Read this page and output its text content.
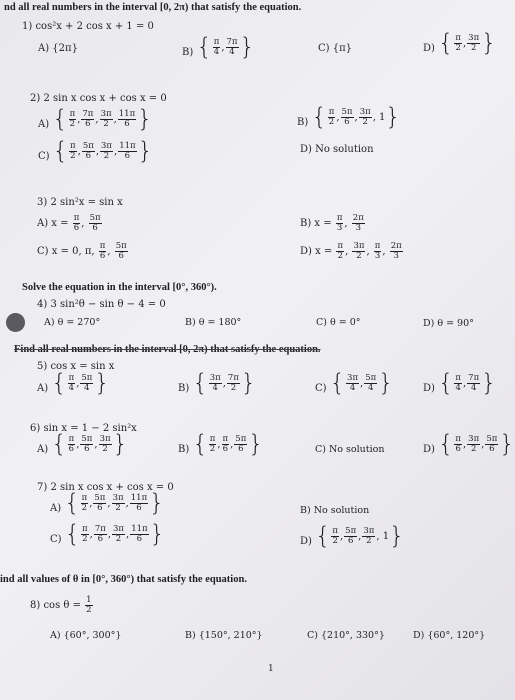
nd all real numbers in the interval [0, 2π) that satisfy the equation.
1) cos²x + 2 cos x + 1 = 0
A) {2π}	B) { $\frac{\pi}{4}$ , $\frac{7\pi}{4}$ }	C) {π}	D) { $\frac{\pi}{2}$ , $\frac{3\pi}{2}$ }
2) 2 sin x cos x + cos x = 0
A) { $\frac{\pi}{2}$ , $\frac{7\pi}{6}$ , $\frac{3\pi}{2}$ , $\frac{11\pi}{6}$ }	B) { $\frac{\pi}{2}$ , $\frac{5\pi}{6}$ , $\frac{3\pi}{2}$ , 1 }
C) { $\frac{\pi}{2}$ , $\frac{5\pi}{6}$ , $\frac{3\pi}{2}$ , $\frac{11\pi}{6}$ }	D) No solution
3) 2 sin²x = sin x
A) $x = \frac{\pi}{6}$ , $\frac{5\pi}{6}$	B) $x = \frac{\pi}{3}$ , $\frac{2\pi}{3}$
C) x = 0, π, $\frac{\pi}{6}$ , $\frac{5\pi}{6}$	D) $x = \frac{\pi}{2}$ , $\frac{3\pi}{2}$ , $\frac{\pi}{3}$ , $\frac{2\pi}{3}$
Solve the equation in the interval [0°, 360°).
4) 3 sin²θ − sin θ − 4 = 0
A) θ = 270°	B) θ = 180°	C) θ = 0°	D) θ = 90°
Find all real numbers in the interval [0, 2π) that satisfy the equation.
5) cos x = sin x
A) { $\frac{\pi}{4}$ , $\frac{5\pi}{4}$ }	B) { $\frac{3\pi}{4}$ , $\frac{7\pi}{2}$ }	C) { $\frac{3\pi}{4}$ , $\frac{5\pi}{4}$ }	D) { $\frac{\pi}{4}$ , $\frac{7\pi}{4}$ }
6) sin x = 1 − 2 sin²x
A) { $\frac{\pi}{6}$ , $\frac{5\pi}{6}$ , $\frac{3\pi}{2}$ }	B) { $\frac{\pi}{2}$ , $\frac{\pi}{6}$ , $\frac{5\pi}{6}$ }	C) No solution	D) { $\frac{\pi}{6}$ , $\frac{3\pi}{2}$ , $\frac{5\pi}{6}$ }
7) 2 sin x cos x + cos x = 0
A) { $\frac{\pi}{2}$ , $\frac{5\pi}{6}$ , $\frac{3\pi}{2}$ , $\frac{11\pi}{6}$ }	B) No solution
C) { $\frac{\pi}{2}$ , $\frac{7\pi}{6}$ , $\frac{3\pi}{2}$ , $\frac{11\pi}{6}$ }	D) { $\frac{\pi}{2}$ , $\frac{5\pi}{6}$ , $\frac{3\pi}{2}$ , 1 }
ind all values of θ in [0°, 360°) that satisfy the equation.
8) $\cos \theta = \frac{1}{2}$
A) {60°, 300°}	B) {150°, 210°}	C) {210°, 330°}	D) {60°, 120°}
1
